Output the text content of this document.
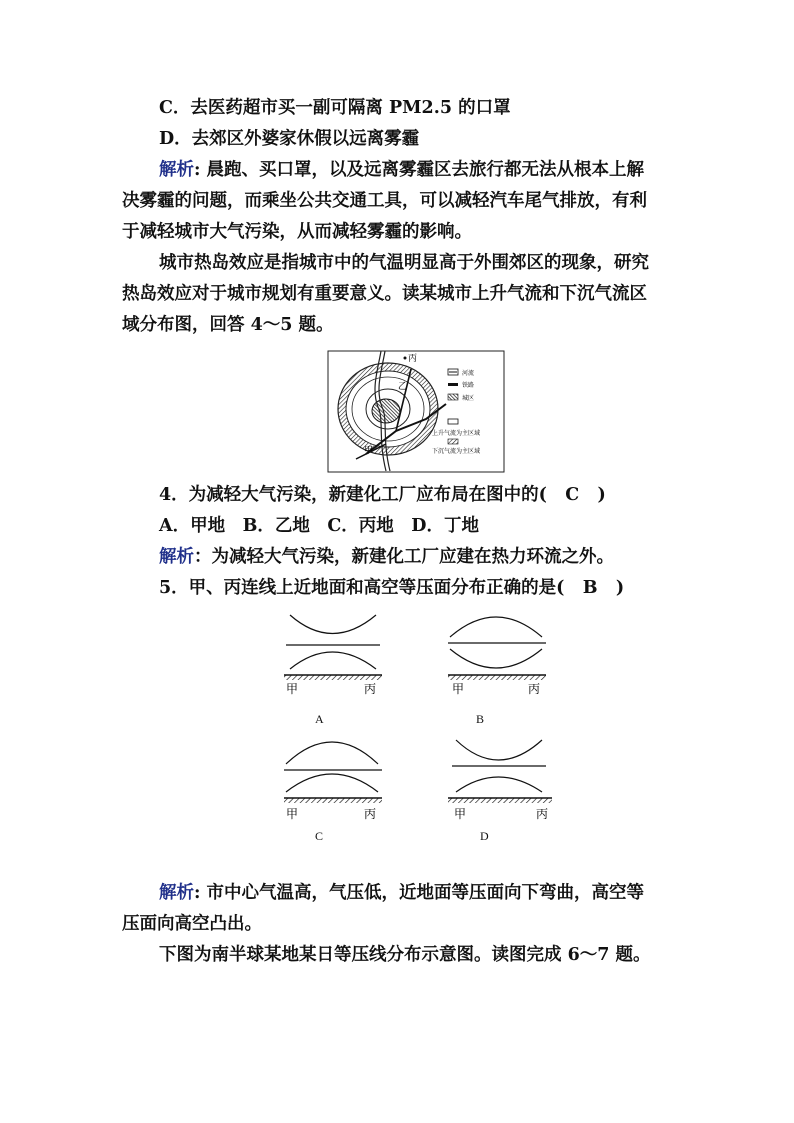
C．去医药超市买一副可隔离 PM2.5 的口罩
D．去郊区外婆家休假以远离雾霾
解析: 晨跑、买口罩，以及远离雾霾区去旅行都无法从根本上解
决雾霾的问题，而乘坐公共交通工具，可以减轻汽车尾气排放，有利
于减轻城市大气污染，从而减轻雾霾的影响。
城市热岛效应是指城市中的气温明显高于外围郊区的现象，研究
热岛效应对于城市规划有重要意义。读某城市上升气流和下沉气流区
域分布图，回答 4～5 题。
丙
乙
甲
河流
铁路
城区
上升气流为主区域
下沉气流为主区域
4．为减轻大气污染，新建化工厂应布局在图中的( C )
A．甲地　B．乙地　C．丙地　D．丁地
解析：为减轻大气污染，新建化工厂应建在热力环流之外。
5．甲、丙连线上近地面和高空等压面分布正确的是( B )
甲	丙
A
甲	丙
B
甲	丙
C
甲	丙
D
解析: 市中心气温高，气压低，近地面等压面向下弯曲，高空等
压面向高空凸出。
下图为南半球某地某日等压线分布示意图。读图完成 6～7 题。
